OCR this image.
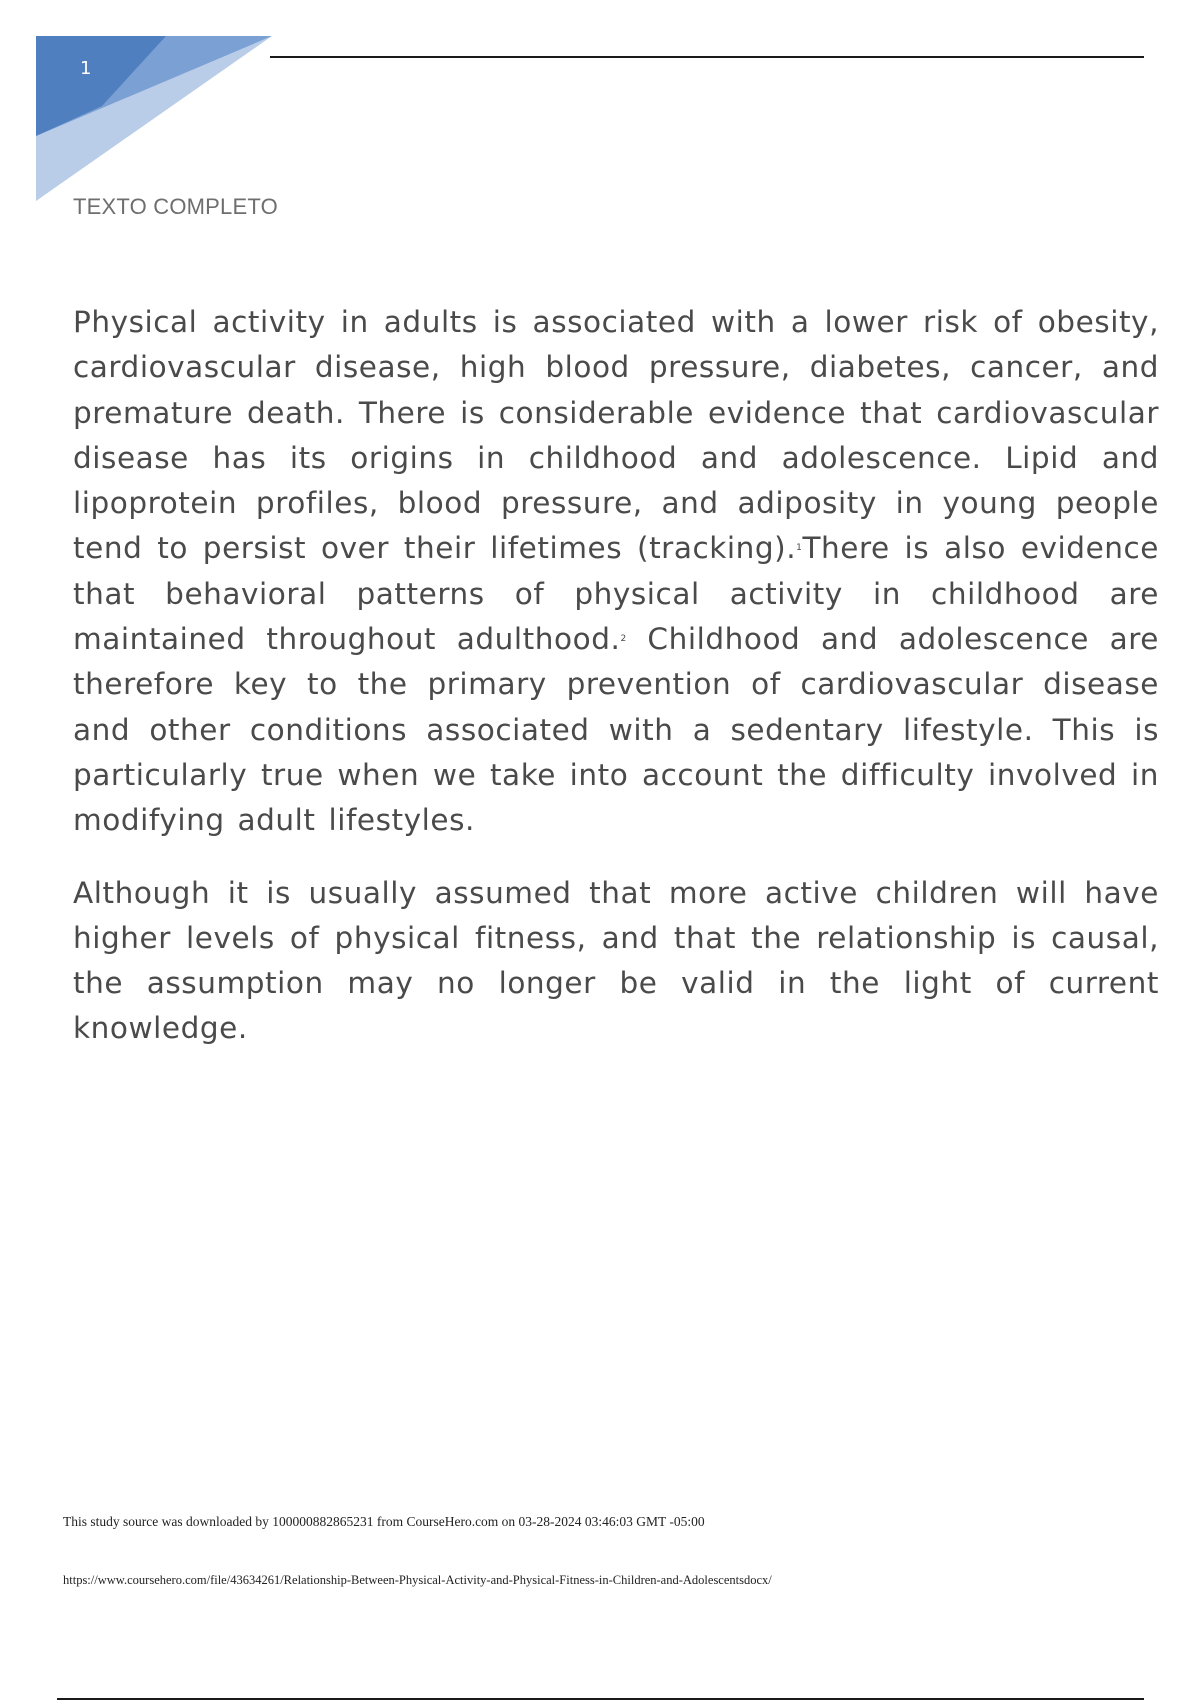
1
TEXTO COMPLETO

Physical activity in adults is associated with a lower risk of obesity, cardiovascular disease, high blood pressure, diabetes, cancer, and premature death. There is considerable evidence that cardiovascular disease has its origins in childhood and adolescence. Lipid and lipoprotein profiles, blood pressure, and adiposity in young people tend to persist over their lifetimes (tracking).$^1$There is also evidence that behavioral patterns of physical activity in childhood are maintained throughout adulthood.$^2$ Childhood and adolescence are therefore key to the primary prevention of cardiovascular disease and other conditions associated with a sedentary lifestyle. This is particularly true when we take into account the difficulty involved in modifying adult lifestyles.

Although it is usually assumed that more active children will have higher levels of physical fitness, and that the relationship is causal, the assumption may no longer be valid in the light of current knowledge.

This study source was downloaded by 100000882865231 from CourseHero.com on 03-28-2024 03:46:03 GMT -05:00
https://www.coursehero.com/file/43634261/Relationship-Between-Physical-Activity-and-Physical-Fitness-in-Children-and-Adolescentsdocx/
